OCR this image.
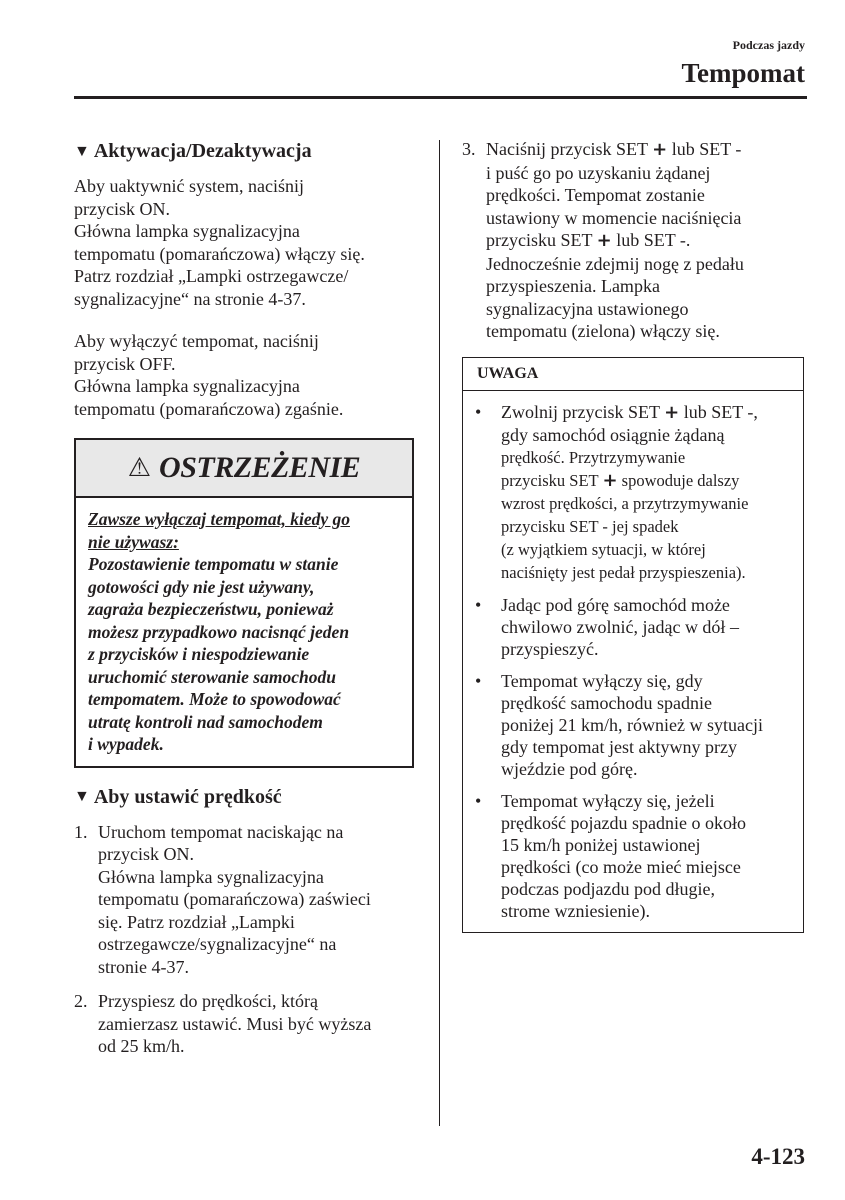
Podczas jazdy
Tempomat
▼ Aktywacja/Dezaktywacja

Aby uaktywnić system, naciśnij
przycisk ON.
Główna lampka sygnalizacyjna
tempomatu (pomarańczowa) włączy się.
Patrz rozdział „Lampki ostrzegawcze/
sygnalizacyjne“ na stronie 4-37.

Aby wyłączyć tempomat, naciśnij
przycisk OFF.
Główna lampka sygnalizacyjna
tempomatu (pomarańczowa) zgaśnie.

⚠ OSTRZEŻENIE
Zawsze wyłączaj tempomat, kiedy go
nie używasz:
Pozostawienie tempomatu w stanie
gotowości gdy nie jest używany,
zagraża bezpieczeństwu, ponieważ
możesz przypadkowo nacisnąć jeden
z przycisków i niespodziewanie
uruchomić sterowanie samochodu
tempomatem. Może to spowodować
utratę kontroli nad samochodem
i wypadek.
▼ Aby ustawić prędkość
1. Uruchom tempomat naciskając na
przycisk ON.
Główna lampka sygnalizacyjna
tempomatu (pomarańczowa) zaświeci
się. Patrz rozdział „Lampki
ostrzegawcze/sygnalizacyjne“ na
stronie 4-37.
2. Przyspiesz do prędkości, którą
zamierzasz ustawić. Musi być wyższa
od 25 km/h.
3. Naciśnij przycisk SET + lub SET -
i puść go po uzyskaniu żądanej
prędkości. Tempomat zostanie
ustawiony w momencie naciśnięcia
przycisku SET + lub SET -.
Jednocześnie zdejmij nogę z pedału
przyspieszenia. Lampka
sygnalizacyjna ustawionego
tempomatu (zielona) włączy się.
UWAGA
•	Zwolnij przycisk SET + lub SET -,
gdy samochód osiągnie żądaną
prędkość. Przytrzymywanie
przycisku SET + spowoduje dalszy
wzrost prędkości, a przytrzymywanie
przycisku SET - jej spadek
(z wyjątkiem sytuacji, w której
naciśnięty jest pedał przyspieszenia).
•	Jadąc pod górę samochód może
chwilowo zwolnić, jadąc w dół –
przyspieszyć.
•	Tempomat wyłączy się, gdy
prędkość samochodu spadnie
poniżej 21 km/h, również w sytuacji
gdy tempomat jest aktywny przy
wjeździe pod górę.
•	Tempomat wyłączy się, jeżeli
prędkość pojazdu spadnie o około
15 km/h poniżej ustawionej
prędkości (co może mieć miejsce
podczas podjazdu pod długie,
strome wzniesienie).
4-123
